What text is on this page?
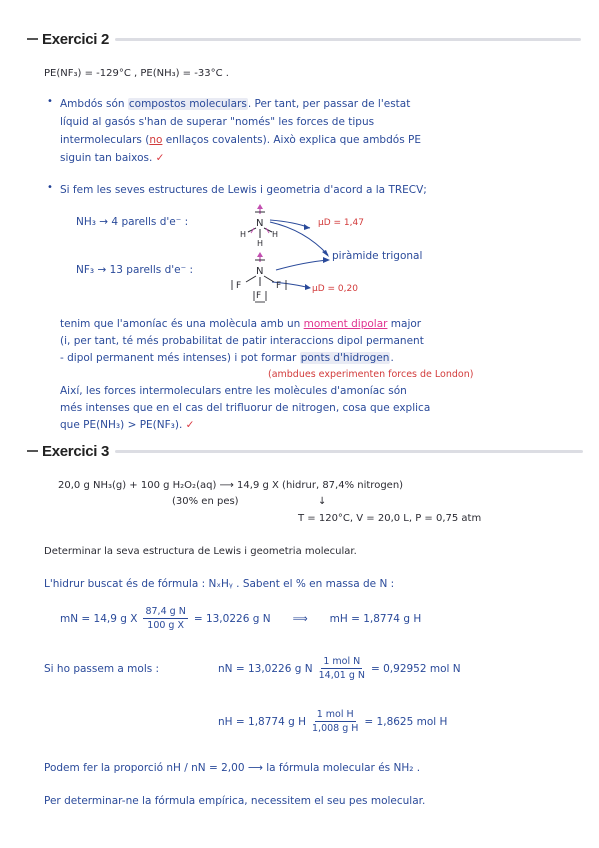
Exercici 2
PE(NF₃) = -129°C , PE(NH₃) = -33°C .
• Ambdós són compostos moleculars. Per tant, per passar de l'estat
líquid al gasós s'han de superar "només" les forces de tipus
intermoleculars (no enllaços covalents). Això explica que ambdós PE
siguin tan baixos. ✓
• Si fem les seves estructures de Lewis i geometria d'acord a la TRECV;
NH₃ → 4 parells d'e⁻ :
NF₃ → 13 parells d'e⁻ :
N
H	H
H
N
F	F
F
μD = 1,47
piràmide trigonal
μD = 0,20
tenim que l'amoníac és una molècula amb un moment dipolar major
(i, per tant, té més probabilitat de patir interaccions dipol permanent
- dipol permanent més intenses) i pot formar ponts d'hidrogen.
(ambdues experimenten forces de London)
Així, les forces intermoleculars entre les molècules d'amoníac són
més intenses que en el cas del trifluorur de nitrogen, cosa que explica
que PE(NH₃) > PE(NF₃). ✓
Exercici 3
20,0 g NH₃(g) + 100 g H₂O₂(aq) ⟶ 14,9 g X (hidrur, 87,4% nitrogen)
(30% en pes)	↓
T = 120°C, V = 20,0 L, P = 0,75 atm
Determinar la seva estructura de Lewis i geometria molecular.
L'hidrur buscat és de fórmula : NₓHᵧ . Sabent el % en massa de N :
mN = 14,9 g X $\frac{\text{87,4 g N}}{\text{100 g X}} = 13,0226$ g N ⟹ mH = 1,8774 g H
Si ho passem a mols :	nN = 13,0226 g N $\frac{\text{1 mol N}}{\text{14,01 g N}} = 0,92952$ mol N
nH = 1,8774 g H $\frac{\text{1 mol H}}{\text{1,008 g H}} = 1,8625$ mol H
Podem fer la proporció nH / nN = 2,00 ⟶ la fórmula molecular és NH₂ .
Per determinar-ne la fórmula empírica, necessitem el seu pes molecular.
